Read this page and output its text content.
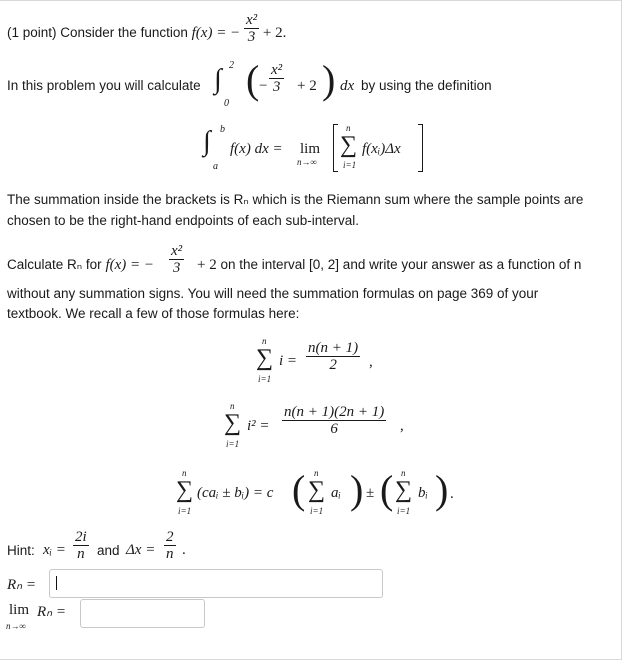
(1 point) Consider the function f(x) = − $\frac{\text{x²}}{3} + 2$.
In this problem you will calculate ∫ 2
0
( − $\frac{\text{x²}}{3} + 2$ ) dx by using the definition
∫ b
a
f(x) dx = lim
n→∞
n
∑
i=1
f(xᵢ)Δx
The summation inside the brackets is Rₙ which is the Riemann sum where the sample points are chosen to be the right-hand endpoints of each sub-interval.
Calculate Rₙ for f(x) = − $\frac{\text{x²}}{3} + 2$ on the interval [0, 2] and write your answer as a function of n
without any summation signs. You will need the summation formulas on page 369 of your
textbook. We recall a few of those formulas here:
n
∑
i=1
$i = \frac{n(n + 1)}{2}$ ,
n
∑
i=1
$i^2 = \frac{n(n + 1)(2n + 1)}{6}$ ,
n
∑
i=1
(caᵢ ± bᵢ) = c ( n
∑
i=1
aᵢ ) ± ( n
∑
i=1
bᵢ ) .
Hint: xᵢ = $\frac{2i}{n}$ and $\Delta x = \frac{2}{n}$ .
Rₙ =
lim
n→∞
Rₙ =
